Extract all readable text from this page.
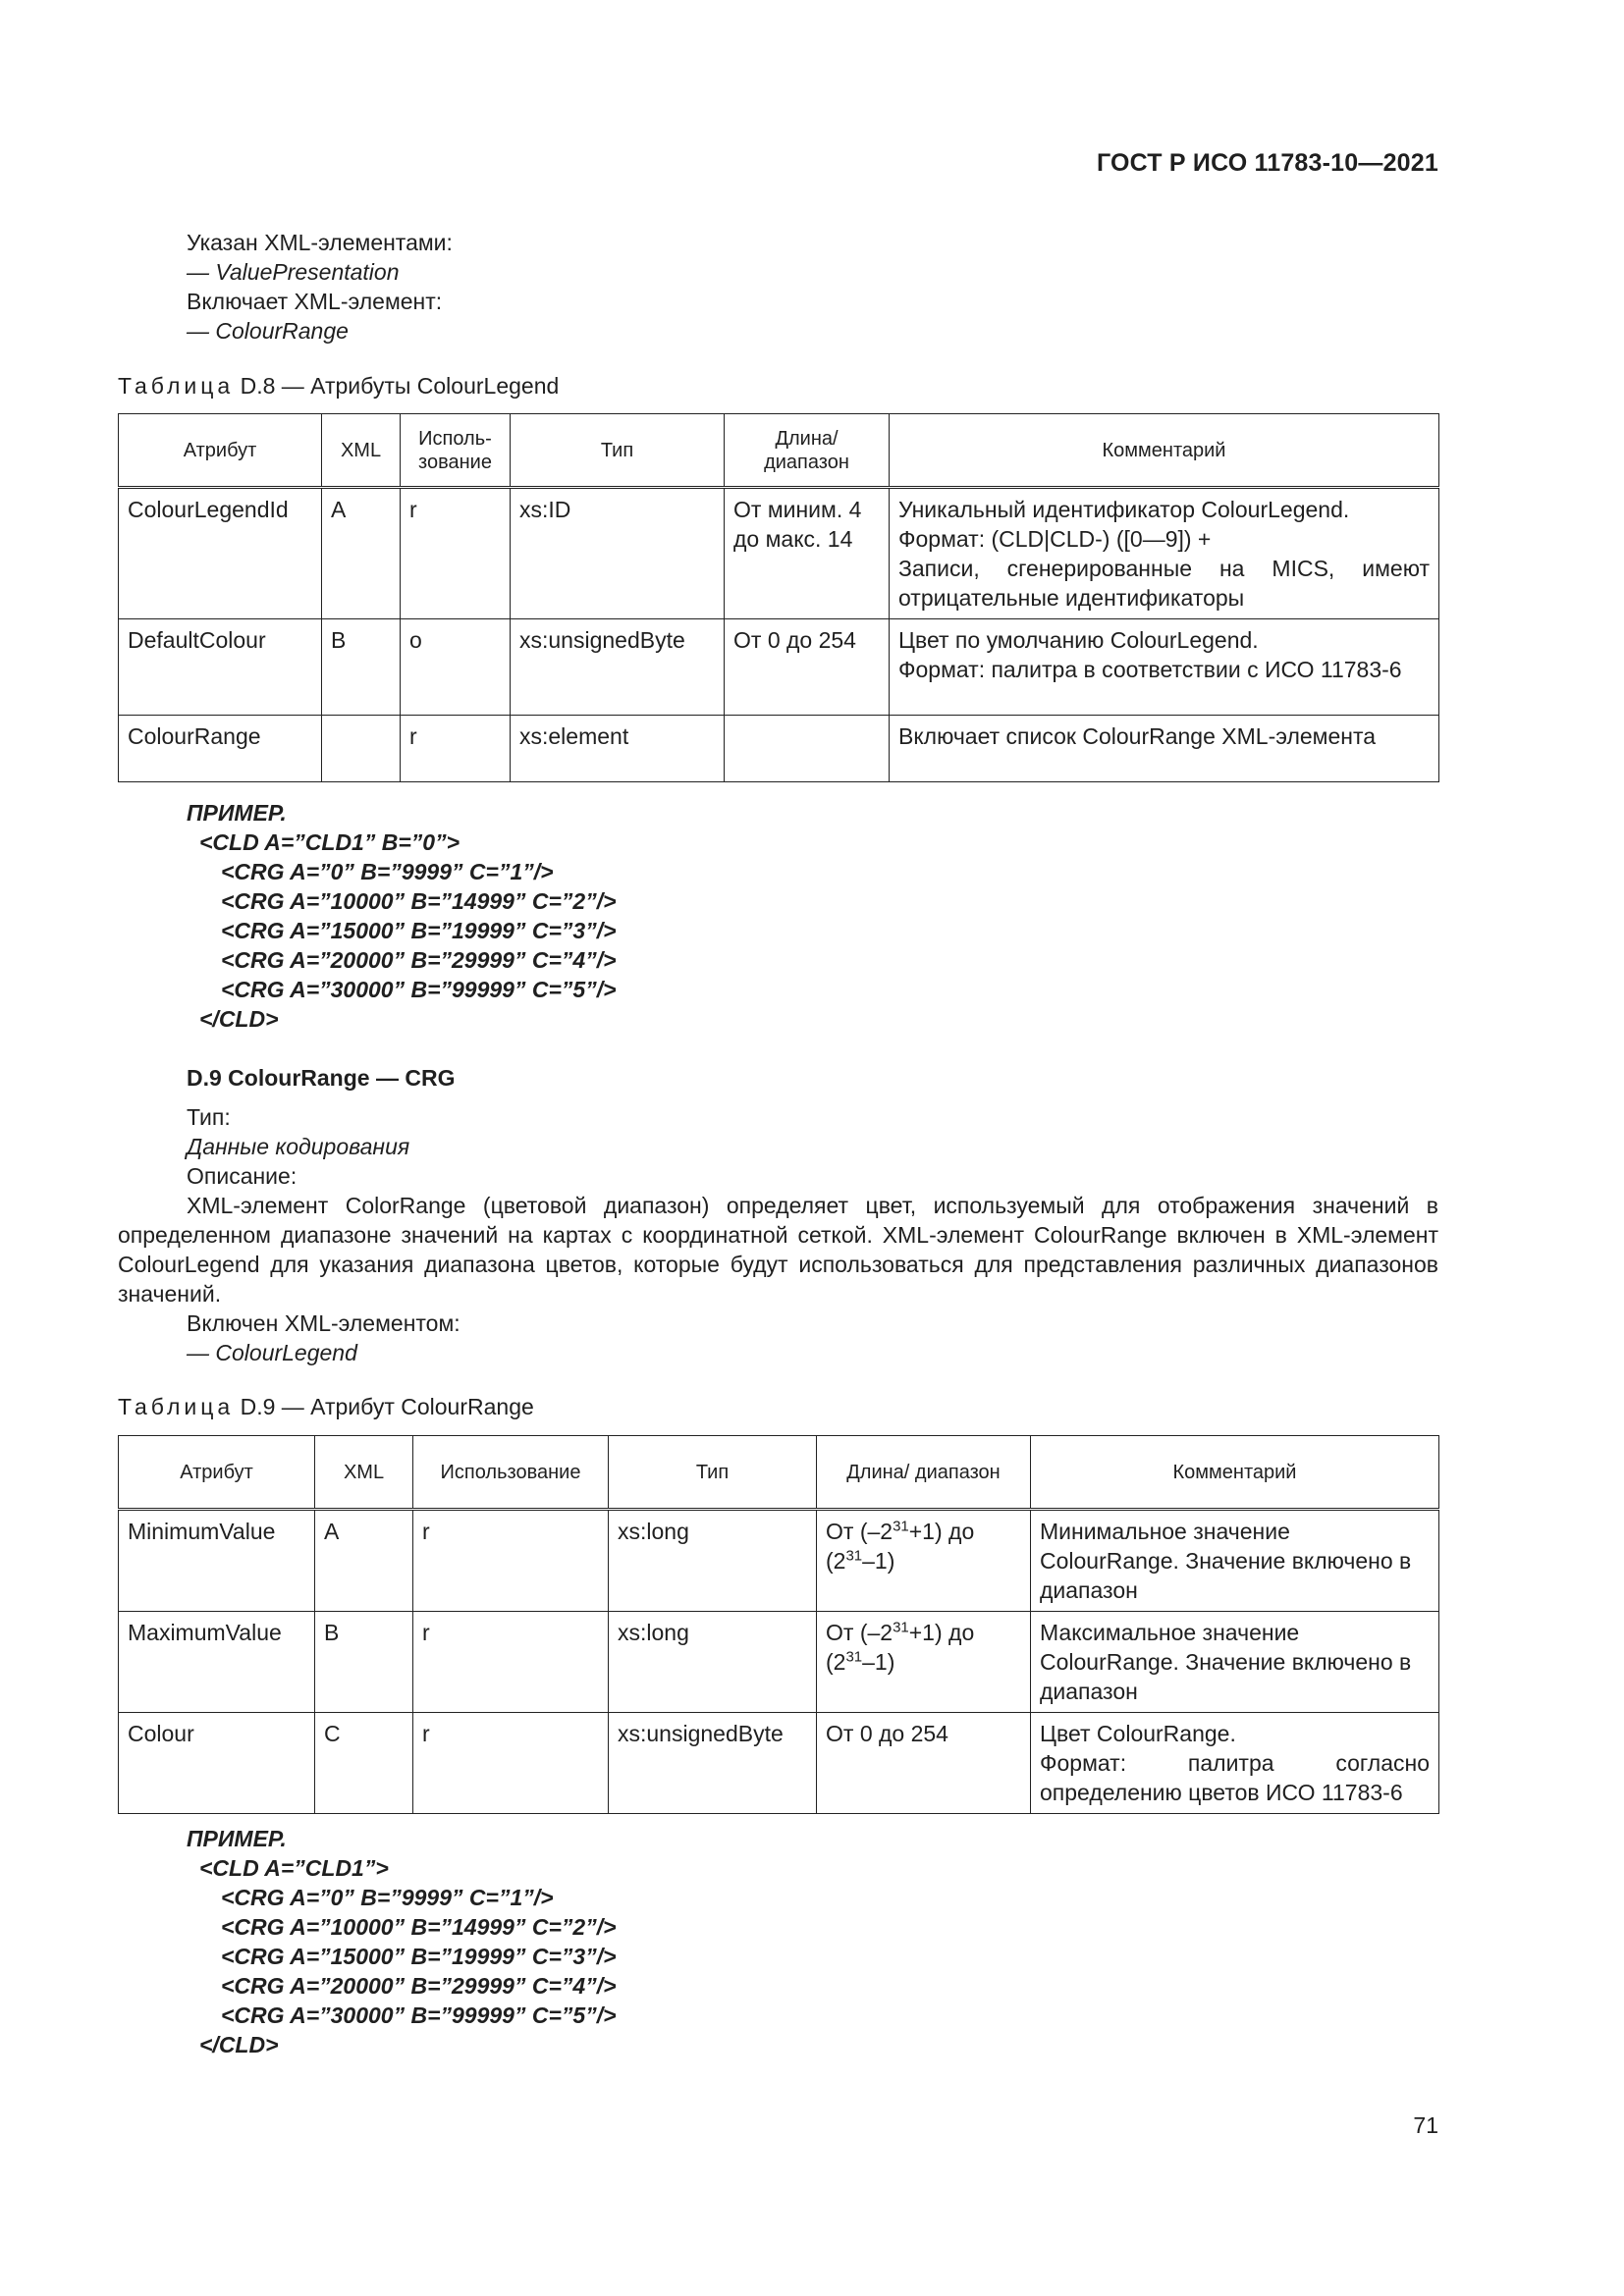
ГОСТ Р ИСО 11783-10—2021
Указан XML-элементами:
— ValuePresentation
Включает XML-элемент:
— ColourRange
Таблица D.8 — Атрибуты ColourLegend
Атрибут	XML	Исполь-зование	Тип	Длина/ диапазон	Комментарий
ColourLegendId	A	r	xs:ID	От миним. 4 до макс. 14	Уникальный идентификатор ColourLegend.
Формат: (CLD|CLD-) ([0—9]) +
Записи, сгенерированные на MICS, имеют отрицательные идентификаторы

DefaultColour	B	o	xs:unsignedByte	От 0 до 254	Цвет по умолчанию ColourLegend.
Формат: палитра в соответствии с ИСО 11783-6

ColourRange		r	xs:element		Включает список ColourRange XML-элемента
ПРИМЕР.
<CLD A=”CLD1” B=”0”>
<CRG A=”0” B=”9999” C=”1”/>
<CRG A=”10000” B=”14999” C=”2”/>
<CRG A=”15000” B=”19999” C=”3”/>
<CRG A=”20000” B=”29999” C=”4”/>
<CRG A=”30000” B=”99999” C=”5”/>
</CLD>
D.9 ColourRange — CRG
Тип:
Данные кодирования
Описание:
XML-элемент ColorRange (цветовой диапазон) определяет цвет, используемый для отображения значений в определенном диапазоне значений на картах с координатной сеткой. XML-элемент ColourRange включен в XML-элемент ColourLegend для указания диапазона цветов, которые будут использоваться для представления различных диапазонов значений.
Включен XML-элементом:
— ColourLegend
Таблица D.9 — Атрибут ColourRange
Атрибут	XML	Использование	Тип	Длина/ диапазон	Комментарий
MinimumValue	A	r	xs:long	От $(-2^{31}+1)$ до $(2^{31}-1)$	Минимальное значение ColourRange. Значение включено в диапазон
MaximumValue	B	r	xs:long	От $(-2^{31}+1)$ до $(2^{31}-1)$	Максимальное значение ColourRange. Значение включено в диапазон
Colour	C	r	xs:unsignedByte	От 0 до 254	Цвет ColourRange.
Формат: палитра согласно определению цветов ИСО 11783-6
ПРИМЕР.
<CLD A=”CLD1”>
<CRG A=”0” B=”9999” C=”1”/>
<CRG A=”10000” B=”14999” C=”2”/>
<CRG A=”15000” B=”19999” C=”3”/>
<CRG A=”20000” B=”29999” C=”4”/>
<CRG A=”30000” B=”99999” C=”5”/>
</CLD>
71
